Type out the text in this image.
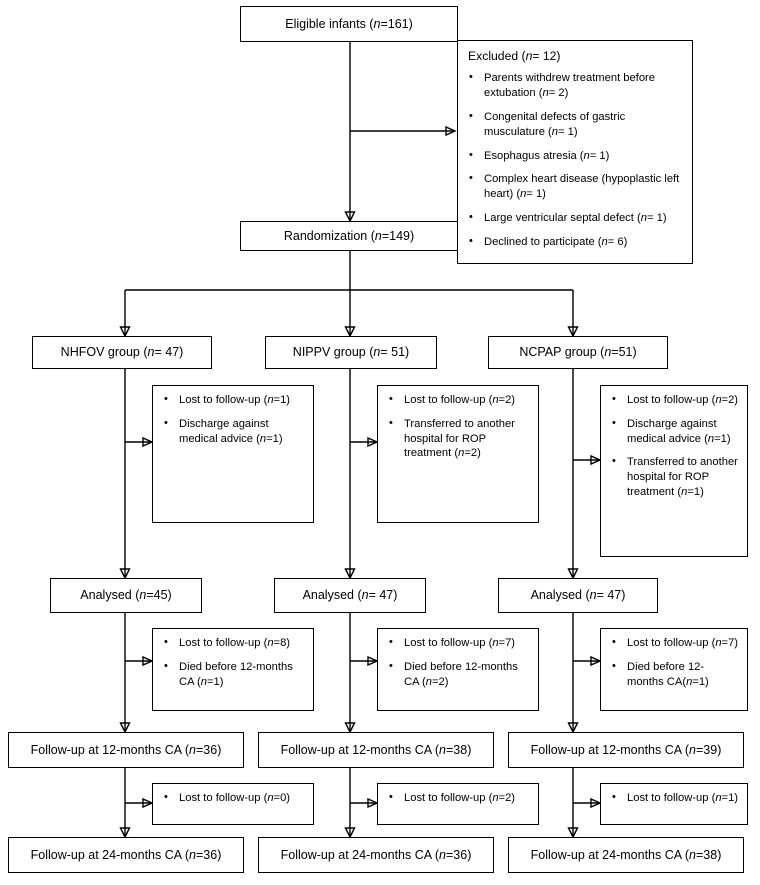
Eligible infants (n=161)
Excluded (n= 12)
• Parents withdrew treatment before extubation (n= 2)
• Congenital defects of gastric musculature (n= 1)
• Esophagus atresia (n= 1)
• Complex heart disease (hypoplastic left heart) (n= 1)
• Large ventricular septal defect (n= 1)
• Declined to participate (n= 6)
Randomization (n=149)
NHFOV group (n= 47)	NIPPV group (n= 51)	NCPAP group (n=51)
• Lost to follow-up (n=1)
• Discharge against medical advice (n=1)
• Lost to follow-up (n=2)
• Transferred to another hospital for ROP treatment (n=2)
• Lost to follow-up (n=2)
• Discharge against medical advice (n=1)
• Transferred to another hospital for ROP treatment (n=1)
Analysed (n=45)	Analysed (n= 47)	Analysed (n= 47)
• Lost to follow-up (n=8)
• Died before 12-months CA (n=1)
• Lost to follow-up (n=7)
• Died before 12-months CA (n=2)
• Lost to follow-up (n=7)
• Died before 12-months CA(n=1)
Follow-up at 12-months CA (n=36)	Follow-up at 12-months CA (n=38)	Follow-up at 12-months CA (n=39)
• Lost to follow-up (n=0)	• Lost to follow-up (n=2)	• Lost to follow-up (n=1)
Follow-up at 24-months CA (n=36)	Follow-up at 24-months CA (n=36)	Follow-up at 24-months CA (n=38)
